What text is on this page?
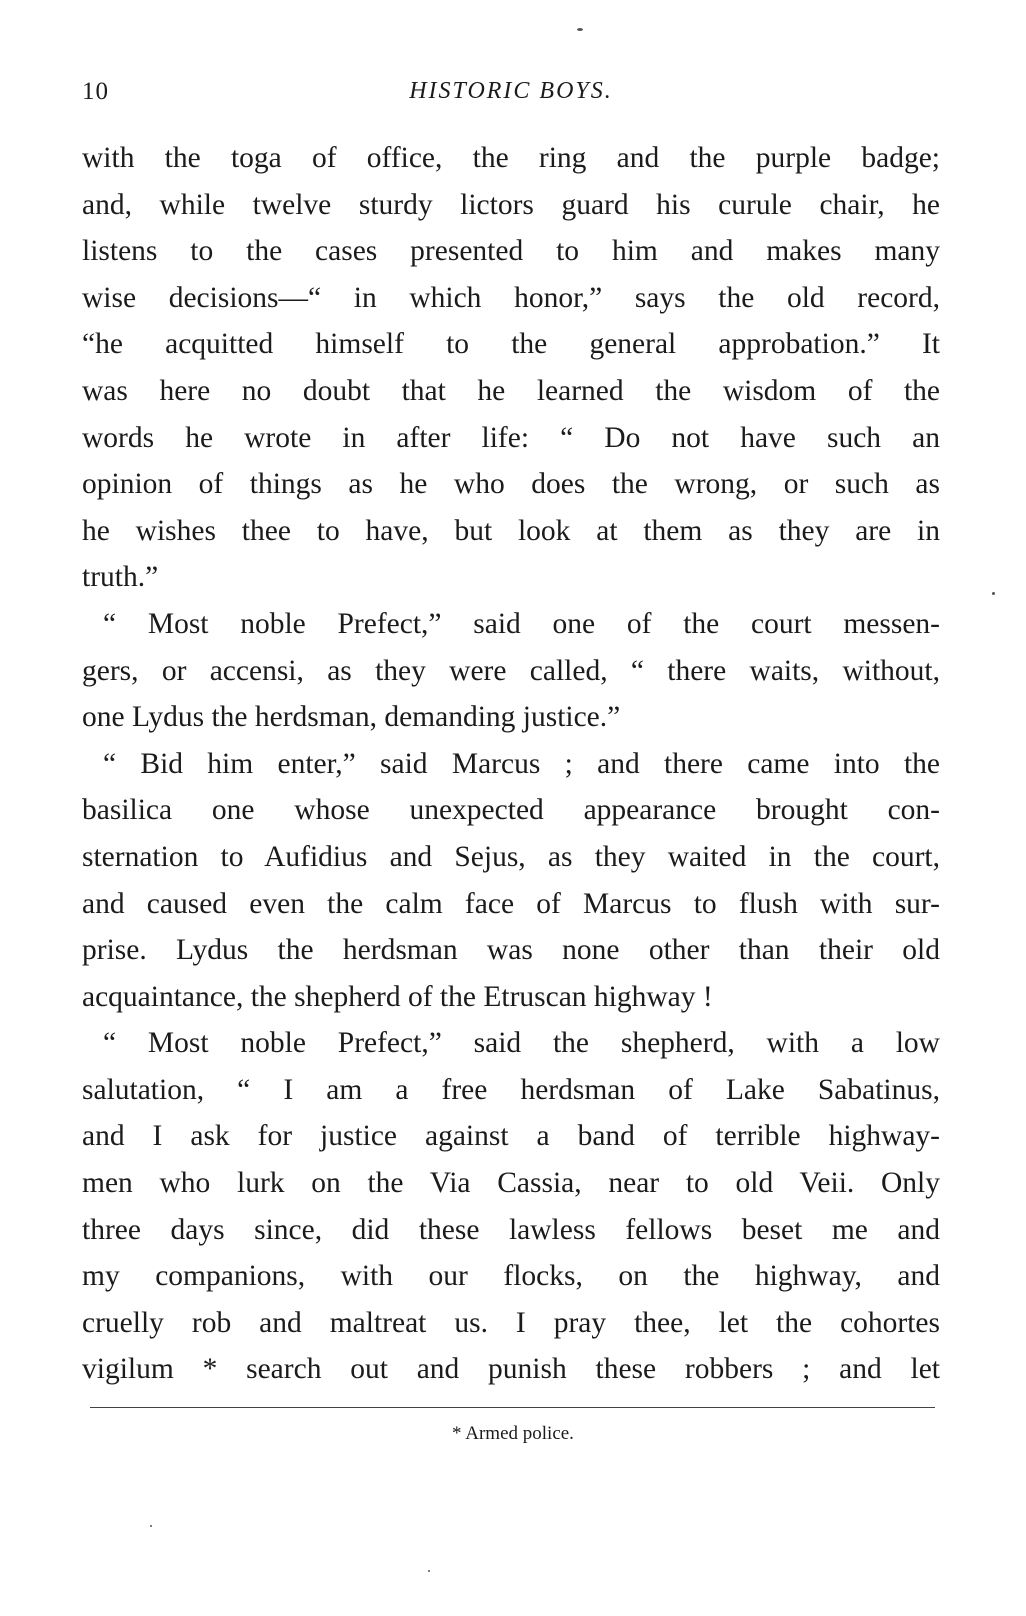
10	HISTORIC BOYS.
with the toga of office, the ring and the purple badge;
and, while twelve sturdy lictors guard his curule chair, he
listens to the cases presented to him and makes many
wise decisions—“ in which honor,” says the old record,
“he acquitted himself to the general approbation.” It
was here no doubt that he learned the wisdom of the
words he wrote in after life: “ Do not have such an
opinion of things as he who does the wrong, or such as
he wishes thee to have, but look at them as they are in
truth.”
“ Most noble Prefect,” said one of the court messen-
gers, or accensi, as they were called, “ there waits, without,
one Lydus the herdsman, demanding justice.”
“ Bid him enter,” said Marcus ; and there came into the
basilica one whose unexpected appearance brought con-
sternation to Aufidius and Sejus, as they waited in the court,
and caused even the calm face of Marcus to flush with sur-
prise. Lydus the herdsman was none other than their old
acquaintance, the shepherd of the Etruscan highway !
“ Most noble Prefect,” said the shepherd, with a low
salutation, “ I am a free herdsman of Lake Sabatinus,
and I ask for justice against a band of terrible highway-
men who lurk on the Via Cassia, near to old Veii. Only
three days since, did these lawless fellows beset me and
my companions, with our flocks, on the highway, and
cruelly rob and maltreat us. I pray thee, let the cohortes
vigilum * search out and punish these robbers ; and let
* Armed police.
